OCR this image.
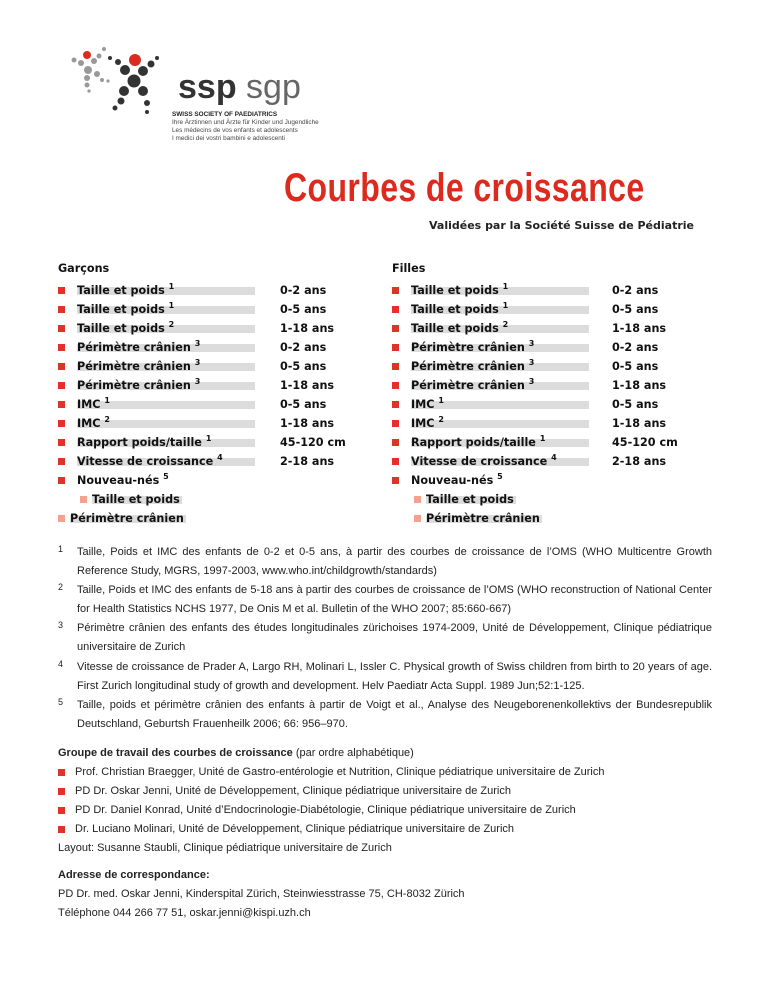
ssp sgp
SWISS SOCIETY OF PAEDIATRICS
Ihre Ärztinnen und Ärzte für Kinder und Jugendliche
Les médecins de vos enfants et adolescents
I medici dei vostri bambini e adolescenti
Courbes de croissance
Validées par la Société Suisse de Pédiatrie
Garçons
Taille et poids $^1$	0-2 ans
Taille et poids $^1$	0-5 ans
Taille et poids $^2$	1-18 ans
Périmètre crânien $^3$	0-2 ans
Périmètre crânien $^3$	0-5 ans
Périmètre crânien $^3$	1-18 ans
IMC $^1$	0-5 ans
IMC $^2$	1-18 ans
Rapport poids/taille $^1$	45-120 cm
Vitesse de croissance $^4$	2-18 ans
Nouveau-nés $^5$
Taille et poids
Périmètre crânien
Filles
Taille et poids $^1$	0-2 ans
Taille et poids $^1$	0-5 ans
Taille et poids $^2$	1-18 ans
Périmètre crânien $^3$	0-2 ans
Périmètre crânien $^3$	0-5 ans
Périmètre crânien $^3$	1-18 ans
IMC $^1$	0-5 ans
IMC $^2$	1-18 ans
Rapport poids/taille $^1$	45-120 cm
Vitesse de croissance $^4$	2-18 ans
Nouveau-nés $^5$
Taille et poids
Périmètre crânien
1 Taille, Poids et IMC des enfants de 0-2 et 0-5 ans, à partir des courbes de croissance de l’OMS (WHO Multicentre Growth Reference Study, MGRS, 1997-2003, www.who.int/childgrowth/standards)
2 Taille, Poids et IMC des enfants de 5-18 ans à partir des courbes de croissance de l’OMS (WHO reconstruction of National Center for Health Statistics NCHS 1977, De Onis M et al. Bulletin of the WHO 2007; 85:660-667)
3 Périmètre crânien des enfants des études longitudinales zürichoises 1974-2009, Unité de Développement, Clinique pédiatrique universitaire de Zurich
4 Vitesse de croissance de Prader A, Largo RH, Molinari L, Issler C. Physical growth of Swiss children from birth to 20 years of age. First Zurich longitudinal study of growth and development. Helv Paediatr Acta Suppl. 1989 Jun;52:1-125.
5 Taille, poids et périmètre crânien des enfants à partir de Voigt et al., Analyse des Neugeborenenkollektivs der Bundesrepublik Deutschland, Geburtsh Frauenheilk 2006; 66: 956–970.
Groupe de travail des courbes de croissance (par ordre alphabétique)
Prof. Christian Braegger, Unité de Gastro-entérologie et Nutrition, Clinique pédiatrique universitaire de Zurich
PD Dr. Oskar Jenni, Unité de Développement, Clinique pédiatrique universitaire de Zurich
PD Dr. Daniel Konrad, Unité d’Endocrinologie-Diabétologie, Clinique pédiatrique universitaire de Zurich
Dr. Luciano Molinari, Unité de Développement, Clinique pédiatrique universitaire de Zurich
Layout: Susanne Staubli, Clinique pédiatrique universitaire de Zurich
Adresse de correspondance:
PD Dr. med. Oskar Jenni, Kinderspital Zürich, Steinwiesstrasse 75, CH-8032 Zürich
Téléphone 044 266 77 51, oskar.jenni@kispi.uzh.ch
